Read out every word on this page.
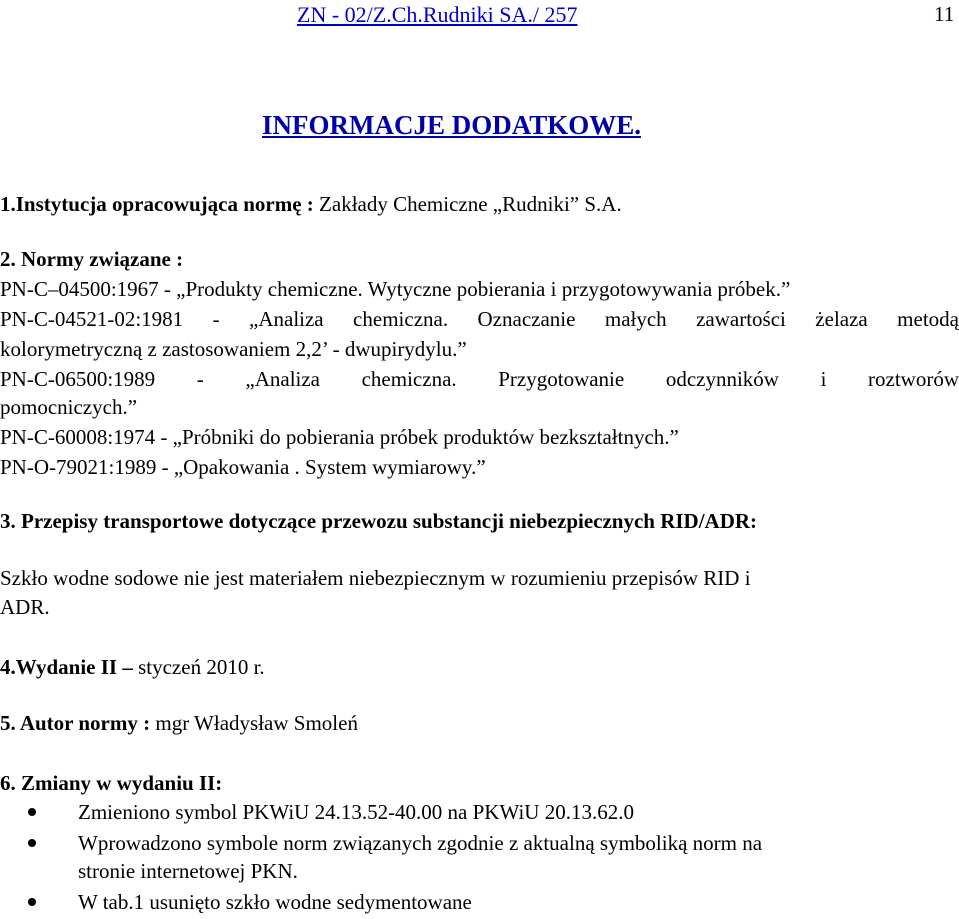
ZN - 02/Z.Ch.Rudniki SA./ 257	11
INFORMACJE DODATKOWE.
1.Instytucja opracowująca normę : Zakłady Chemiczne „Rudniki” S.A.
2. Normy związane :
PN-C–04500:1967 - „Produkty chemiczne. Wytyczne pobierania i przygotowywania próbek.”
PN-C-04521-02:1981 - „Analiza chemiczna. Oznaczanie małych zawartości żelaza metodą
kolorymetryczną z zastosowaniem 2,2’ - dwupirydylu.”
PN-C-06500:1989 - „Analiza chemiczna. Przygotowanie odczynników i roztworów
pomocniczych.”
PN-C-60008:1974 - „Próbniki do pobierania próbek produktów bezkształtnych.”
PN-O-79021:1989 - „Opakowania . System wymiarowy.”
3. Przepisy transportowe dotyczące przewozu substancji niebezpiecznych RID/ADR:
Szkło wodne sodowe nie jest materiałem niebezpiecznym w rozumieniu przepisów RID i
ADR.
4.Wydanie II – styczeń 2010 r.
5. Autor normy : mgr Władysław Smoleń
6. Zmiany w wydaniu II:
Zmieniono symbol PKWiU 24.13.52-40.00 na PKWiU 20.13.62.0
Wprowadzono symbole norm związanych zgodnie z aktualną symboliką norm na
stronie internetowej PKN.
W tab.1 usunięto szkło wodne sedymentowane
